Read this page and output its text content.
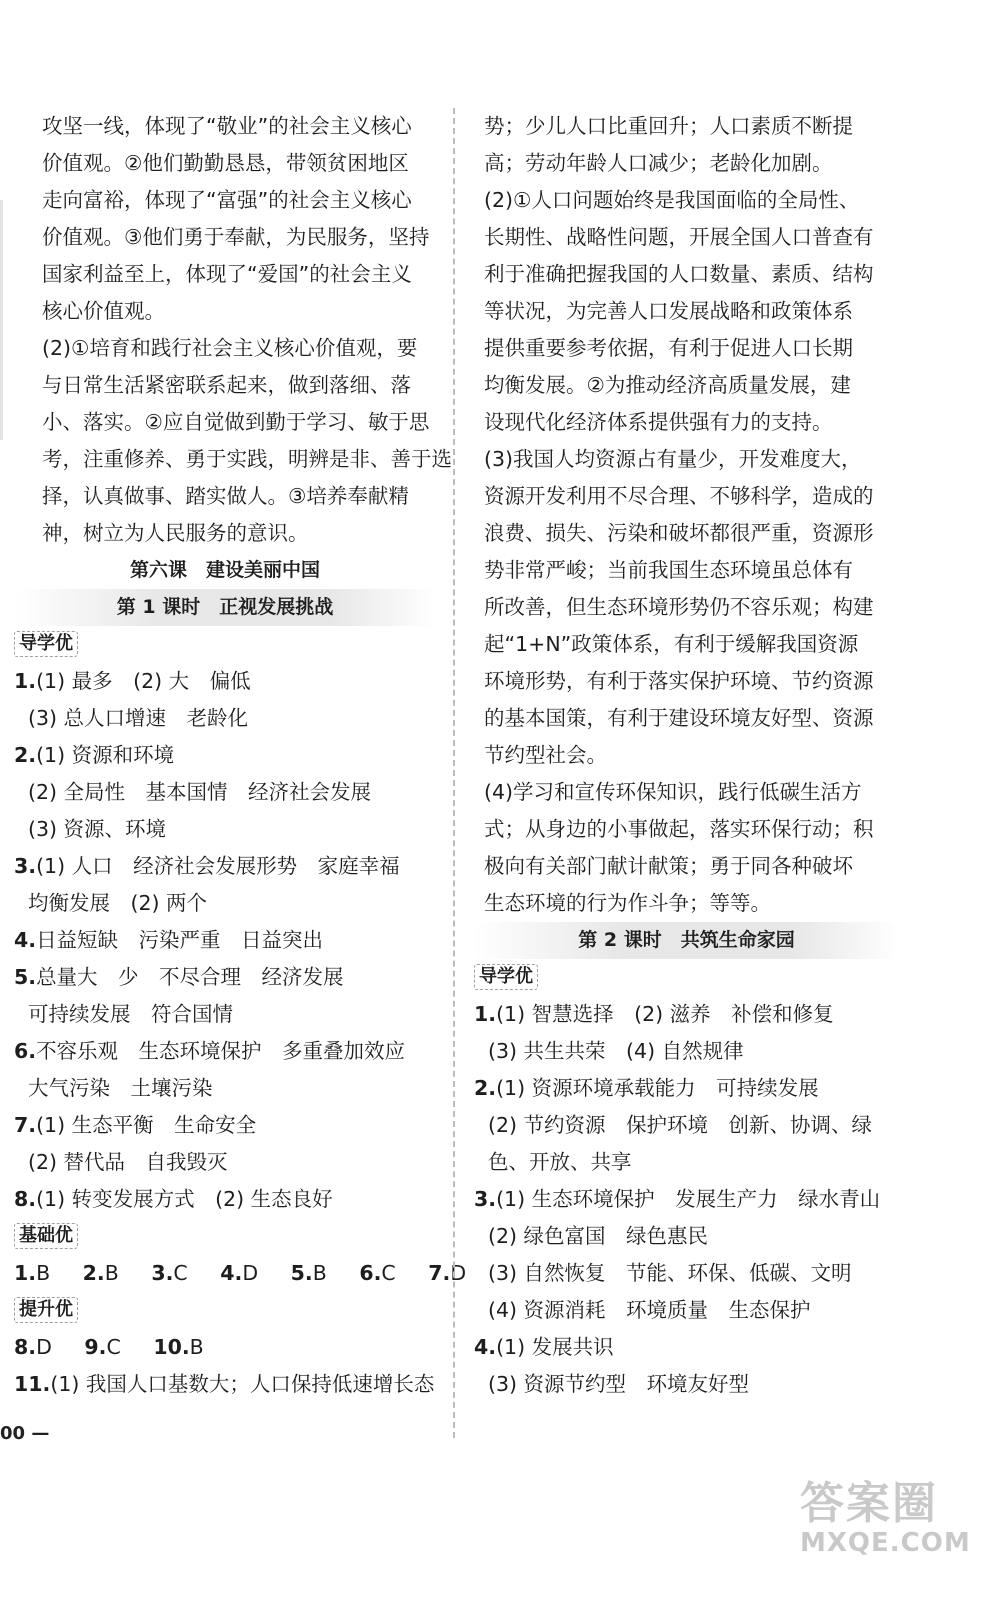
攻坚一线，体现了“敬业”的社会主义核心
价值观。②他们勤勤恳恳，带领贫困地区
走向富裕，体现了“富强”的社会主义核心
价值观。③他们勇于奉献，为民服务，坚持
国家利益至上，体现了“爱国”的社会主义
核心价值观。
(2)①培育和践行社会主义核心价值观，要
与日常生活紧密联系起来，做到落细、落
小、落实。②应自觉做到勤于学习、敏于思
考，注重修养、勇于实践，明辨是非、善于选
择，认真做事、踏实做人。③培养奉献精
神，树立为人民服务的意识。
第六课　建设美丽中国
第 1 课时　正视发展挑战
导学优
1.(1) 最多　(2) 大　偏低
(3) 总人口增速　老龄化
2.(1) 资源和环境
(2) 全局性　基本国情　经济社会发展
(3) 资源、环境
3.(1) 人口　经济社会发展形势　家庭幸福
均衡发展　(2) 两个
4.日益短缺　污染严重　日益突出
5.总量大　少　不尽合理　经济发展
可持续发展　符合国情
6.不容乐观　生态环境保护　多重叠加效应
大气污染　土壤污染
7.(1) 生态平衡　生命安全
(2) 替代品　自我毁灭
8.(1) 转变发展方式　(2) 生态良好
基础优
1.B 2.B 3.C 4.D 5.B 6.C 7.D
提升优
8.D 9.C 10.B
11.(1) 我国人口基数大；人口保持低速增长态
势；少儿人口比重回升；人口素质不断提
高；劳动年龄人口减少；老龄化加剧。
(2)①人口问题始终是我国面临的全局性、
长期性、战略性问题，开展全国人口普查有
利于准确把握我国的人口数量、素质、结构
等状况，为完善人口发展战略和政策体系
提供重要参考依据，有利于促进人口长期
均衡发展。②为推动经济高质量发展，建
设现代化经济体系提供强有力的支持。
(3)我国人均资源占有量少，开发难度大，
资源开发利用不尽合理、不够科学，造成的
浪费、损失、污染和破坏都很严重，资源形
势非常严峻；当前我国生态环境虽总体有
所改善，但生态环境形势仍不容乐观；构建
起“1+N”政策体系，有利于缓解我国资源
环境形势，有利于落实保护环境、节约资源
的基本国策，有利于建设环境友好型、资源
节约型社会。
(4)学习和宣传环保知识，践行低碳生活方
式；从身边的小事做起，落实环保行动；积
极向有关部门献计献策；勇于同各种破坏
生态环境的行为作斗争；等等。
第 2 课时　共筑生命家园
导学优
1.(1) 智慧选择　(2) 滋养　补偿和修复
(3) 共生共荣　(4) 自然规律
2.(1) 资源环境承载能力　可持续发展
(2) 节约资源　保护环境　创新、协调、绿
色、开放、共享
3.(1) 生态环境保护　发展生产力　绿水青山
(2) 绿色富国　绿色惠民
(3) 自然恢复　节能、环保、低碳、文明
(4) 资源消耗　环境质量　生态保护
4.(1) 发展共识
(3) 资源节约型　环境友好型
00 —
答案圈
MXQE.COM
